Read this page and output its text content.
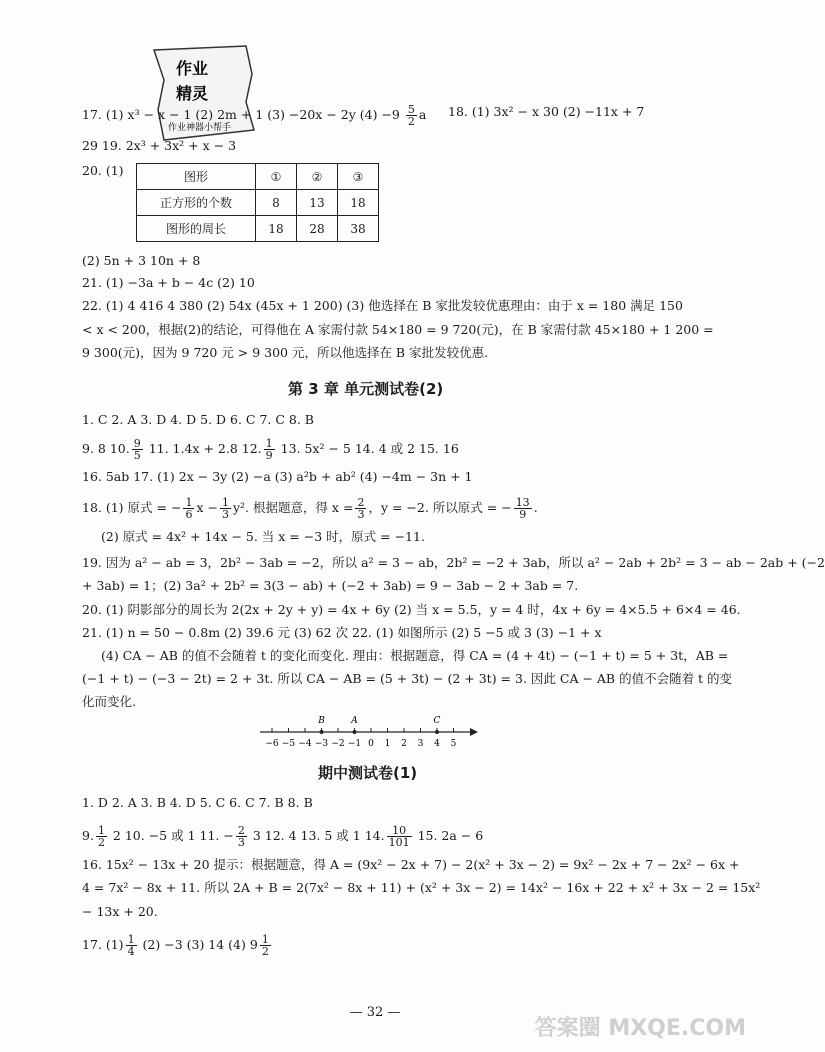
作业
精灵
作业神器小帮手
17. (1) x³ − x − 1 (2) 2m + 1 (3) −20x − 2y $(4) -9 \frac{5}{2}$ a 18. (1) 3x² − x 30 (2) −11x + 7
29 19. 2x³ + 3x² + x − 3
20. (1)	图形	①	②	③
正方形的个数	8	13	18
图形的周长	18	28	38
(2) 5n + 3 10n + 8
21. (1) −3a + b − 4c (2) 10
22. (1) 4 416 4 380 (2) 54x (45x + 1 200) (3) 他选择在 B 家批发较优惠理由：由于 x = 180 满足 150
< x < 200，根据(2)的结论，可得他在 A 家需付款 54×180 = 9 720(元)，在 B 家需付款 45×180 + 1 200 =
9 300(元)，因为 9 720 元 > 9 300 元，所以他选择在 B 家批发较优惠.
第 3 章 单元测试卷(2)
1. C 2. A 3. D 4. D 5. D 6. C 7. C 8. B
9. 8 10. $\frac{9}{5} 11$. 1.4x + 2.8 12. $\frac{1}{9} 13$. 5x² − 5 14. 4 或 2 15. 16
16. 5ab 17. (1) 2x − 3y (2) −a (3) a²b + ab² (4) −4m − 3n + 1
18. (1) 原式 = − $\frac{1}{6}$ $x - \frac{1}{3} y^2$. 根据题意，得 $x = \frac{2}{3}$ ，y = −2. 所以原式 = − $\frac{13}{9}$ .
(2) 原式 = 4x² + 14x − 5. 当 x = −3 时，原式 = −11.
19. 因为 a² − ab = 3，2b² − 3ab = −2，所以 a² = 3 − ab，2b² = −2 + 3ab，所以 a² − 2ab + 2b² = 3 − ab − 2ab + (−2
+ 3ab) = 1；(2) 3a² + 2b² = 3(3 − ab) + (−2 + 3ab) = 9 − 3ab − 2 + 3ab = 7.
20. (1) 阴影部分的周长为 2(2x + 2y + y) = 4x + 6y (2) 当 x = 5.5，y = 4 时，4x + 6y = 4×5.5 + 6×4 = 46.
21. (1) n = 50 − 0.8m (2) 39.6 元 (3) 62 次 22. (1) 如图所示 (2) 5 −5 或 3 (3) −1 + x
(4) CA − AB 的值不会随着 t 的变化而变化. 理由：根据题意，得 CA = (4 + 4t) − (−1 + t) = 5 + 3t，AB =
(−1 + t) − (−3 − 2t) = 2 + 3t. 所以 CA − AB = (5 + 3t) − (2 + 3t) = 3. 因此 CA − AB 的值不会随着 t 的变
化而变化.
−6 −5 −4 −3 −2 −1 0 1 2 3 4 5
B	A	C
期中测试卷(1)
1. D 2. A 3. B 4. D 5. C 6. C 7. B 8. B
9. $\frac{1}{2} 2$ 10. −5 或 1 11. − $\frac{2}{3} 3$ 12. 4 13. 5 或 1 14. $\frac{10}{101} 15$. 2a − 6
16. 15x² − 13x + 20 提示：根据题意，得 A = (9x² − 2x + 7) − 2(x² + 3x − 2) = 9x² − 2x + 7 − 2x² − 6x +
4 = 7x² − 8x + 11. 所以 2A + B = 2(7x² − 8x + 11) + (x² + 3x − 2) = 14x² − 16x + 22 + x² + 3x − 2 = 15x²
− 13x + 20.
17. $(1) \frac{1}{4} (2) -3$ (3) 14 (4) $9 \frac{1}{2}$
— 32 —
答案圈 MXQE.COM
